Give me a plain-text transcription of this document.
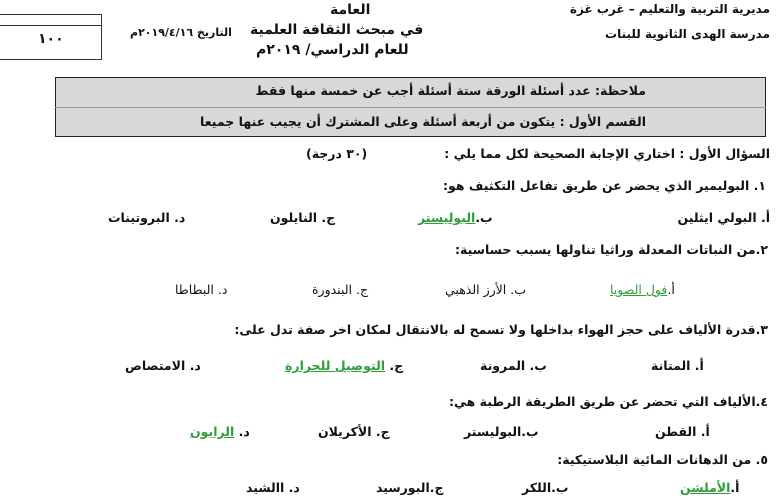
١٠٠
مديرية التربية والتعليم – غرب غزة
مدرسة الهدى الثانوية للبنات
العامة
في مبحث الثقافة العلمية
للعام الدراسي/ ٢٠١٩م
التاريخ ٢٠١٩/٤/١٦م
ملاحظة: عدد أسئلة الورقة ستة أسئلة أجب عن خمسة منها فقط
القسم الأول : يتكون من أربعة أسئلة وعلى المشترك أن يجيب عنها جميعا
السؤال الأول : اختاري الإجابة الصحيحة لكل مما يلي :
(٣٠ درجة)
١. البوليمير الذي يحضر عن طريق تفاعل التكثيف هو:
أ. البولي ايثلين
ب.البوليستر
ج. النايلون
د. البروتينات
٢.من النباتات المعدلة وراثيا تناولها يسبب حساسية:
أ.فول الصويا
ب. الأرز الذهبي
ج. البندورة
د. البطاطا
٣.قدرة الألياف على حجز الهواء بداخلها ولا تسمح له بالانتقال لمكان اخر صفة تدل على:
أ. المتانة
ب. المرونة
ج. التوصيل للحرارة
د. الامتصاص
٤.الألياف التي تحضر عن طريق الطريقة الرطبة هي:
أ. القطن
ب.البوليستر
ج. الأكريلان
د. الرايون
٥. من الدهانات المائية البلاستيكية:
أ.الأملشن
ب.اللكر
ج.البورسيد
د. االشيد
